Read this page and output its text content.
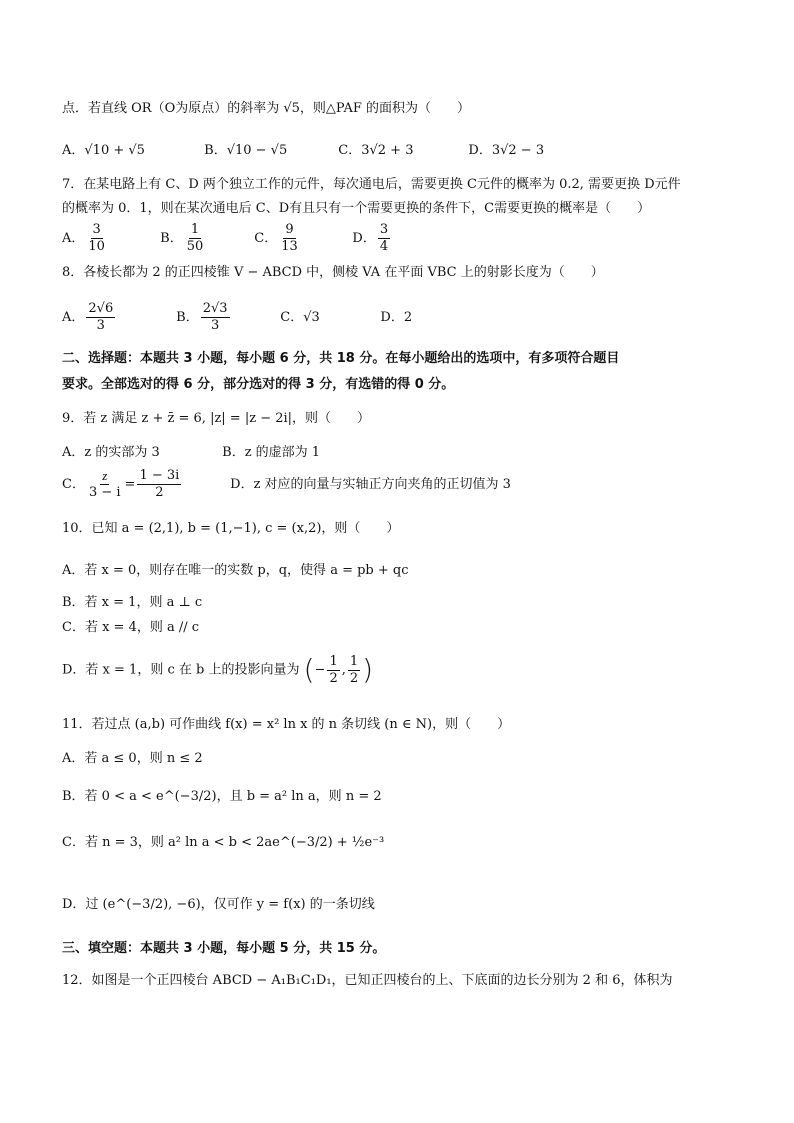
点．若直线 OR（O为原点）的斜率为 √5，则△PAF 的面积为（　　）
A．√10 + √5	B．√10 − √5	C．3√2 + 3	D．3√2 − 3
7．在某电路上有 C、D 两个独立工作的元件，每次通电后，需要更换 C元件的概率为 0.2, 需要更换 D元件
的概率为 0．1，则在某次通电后 C、D有且只有一个需要更换的条件下，C需要更换的概率是（　　）
A． $\frac{3}{10}$	B． $\frac{1}{50}$	C． $\frac{9}{13}$	D． $\frac{3}{4}$
8．各棱长都为 2 的正四棱锥 V − ABCD 中，侧棱 VA 在平面 VBC 上的射影长度为（　　）
A． $\frac{2√6}{3}$	B． $\frac{2√3}{3}$	C．√3	D．2
二、选择题：本题共 3 小题，每小题 6 分，共 18 分。在每小题给出的选项中，有多项符合题目
要求。全部选对的得 6 分，部分选对的得 3 分，有选错的得 0 分。
9．若 z 满足 z + z̄ = 6, |z| = |z − 2i|，则（　　）
A．z 的实部为 3	B．z 的虚部为 1
C． $\frac{z}{3 - i} = \frac{1 - 3i}{2}$	D．z 对应的向量与实轴正方向夹角的正切值为 3
10．已知 a = (2,1), b = (1,−1), c = (x,2)，则（　　）
A．若 x = 0，则存在唯一的实数 p，q，使得 a = pb + qc
B．若 x = 1，则 a ⊥ c
C．若 x = 4，则 a // c
D．若 x = 1，则 c 在 b 上的投影向量为 (− $\frac{1}{2}$ , $\frac{1}{2}$ )
11．若过点 (a,b) 可作曲线 f(x) = x² ln x 的 n 条切线 (n ∈ N)，则（　　）
A．若 a ≤ 0，则 n ≤ 2
B．若 0 < a < e^(−3/2)，且 b = a² ln a，则 n = 2
C．若 n = 3，则 a² ln a < b < 2ae^(−3/2) + ½e⁻³
D．过 (e^(−3/2), −6)，仅可作 y = f(x) 的一条切线
三、填空题：本题共 3 小题，每小题 5 分，共 15 分。
12．如图是一个正四棱台 ABCD − A₁B₁C₁D₁，已知正四棱台的上、下底面的边长分别为 2 和 6，体积为
